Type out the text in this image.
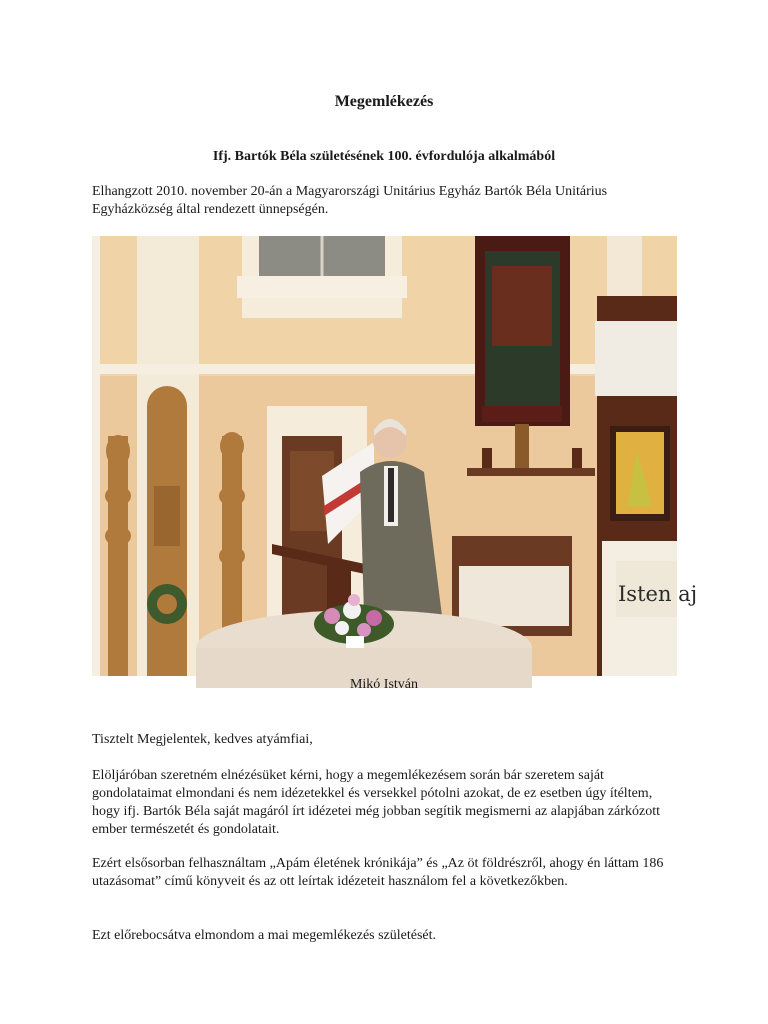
Megemlékezés
Ifj. Bartók Béla születésének 100. évfordulója alkalmából

Elhangzott 2010. november 20-án a Magyarországi Unitárius Egyház Bartók Béla Unitárius Egyházközség által rendezett ünnepségén.

Isten aj
Mikó István

Tisztelt Megjelentek, kedves atyámfiai,

Elöljáróban szeretném elnézésüket kérni, hogy a megemlékezésem során bár szeretem saját gondolataimat elmondani és nem idézetekkel és versekkel pótolni azokat, de ez esetben úgy ítéltem, hogy ifj. Bartók Béla saját magáról írt idézetei még jobban segítik megismerni az alapjában zárkózott ember természetét és gondolatait.

Ezért elsősorban felhasználtam „Apám életének krónikája” és „Az öt földrészről, ahogy én láttam 186 utazásomat” című könyveit és az ott leírtak idézeteit használom fel a következőkben.

Ezt előrebocsátva elmondom a mai megemlékezés születését.
